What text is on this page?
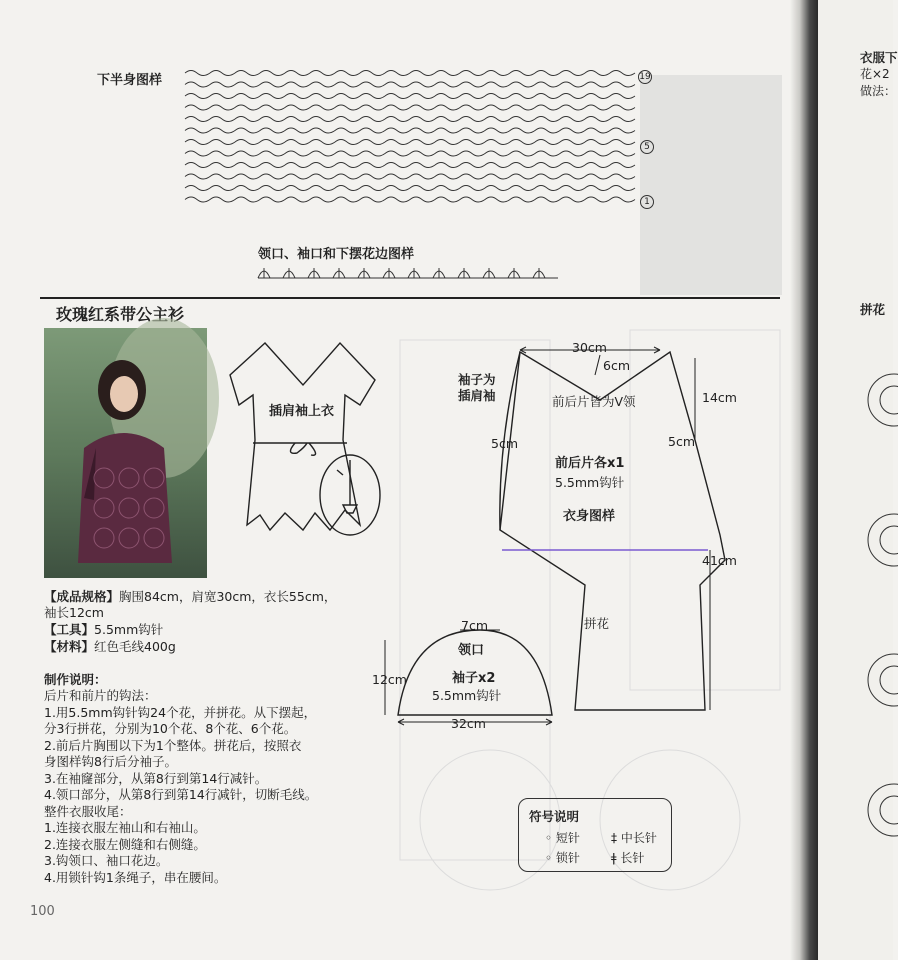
下半身图样	19
5
1
领口、袖口和下摆花边图样
玫瑰红系带公主衫
插肩袖上衣
【成品规格】胸围84cm，肩宽30cm，衣长55cm，
袖长12cm
【工具】5.5mm钩针
【材料】红色毛线400g
制作说明：
后片和前片的钩法：
1.用5.5mm钩针钩24个花，并拼花。从下摆起，
分3行拼花，分别为10个花、8个花、6个花。
2.前后片胸围以下为1个整体。拼花后，按照衣
身图样钩8行后分袖子。
3.在袖窿部分，从第8行到第14行减针。
4.领口部分，从第8行到第14行减针，切断毛线。
整件衣服收尾：
1.连接衣服左袖山和右袖山。
2.连接衣服左侧缝和右侧缝。
3.钩领口、袖口花边。
4.用锁针钩1条绳子，串在腰间。
袖子为
插肩袖
30cm
6cm
前后片皆为V领	14cm
5cm	5cm
前后片各x1
5.5mm钩针
衣身图样
41cm
拼花
7cm
领口
12cm	袖子x2
5.5mm钩针
32cm
符号说明
◦ 短针	‡ 中长针
◦ 锁针	ǂ 长针
100
衣服下
花×2
做法：
拼花
